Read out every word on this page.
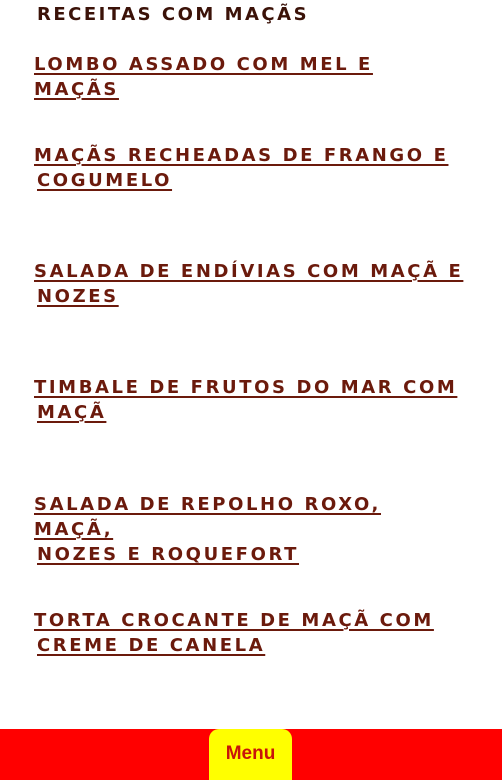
RECEITAS COM MAÇÃS
LOMBO ASSADO COM MEL E MAÇÃS
MAÇÃS RECHEADAS DE FRANGO E
COGUMELO
SALADA DE ENDÍVIAS COM MAÇÃ E
NOZES
TIMBALE DE FRUTOS DO MAR COM
MAÇÃ
SALADA DE REPOLHO ROXO, MAÇÃ,
NOZES E ROQUEFORT
TORTA CROCANTE DE MAÇÃ COM
CREME DE CANELA
Menu
